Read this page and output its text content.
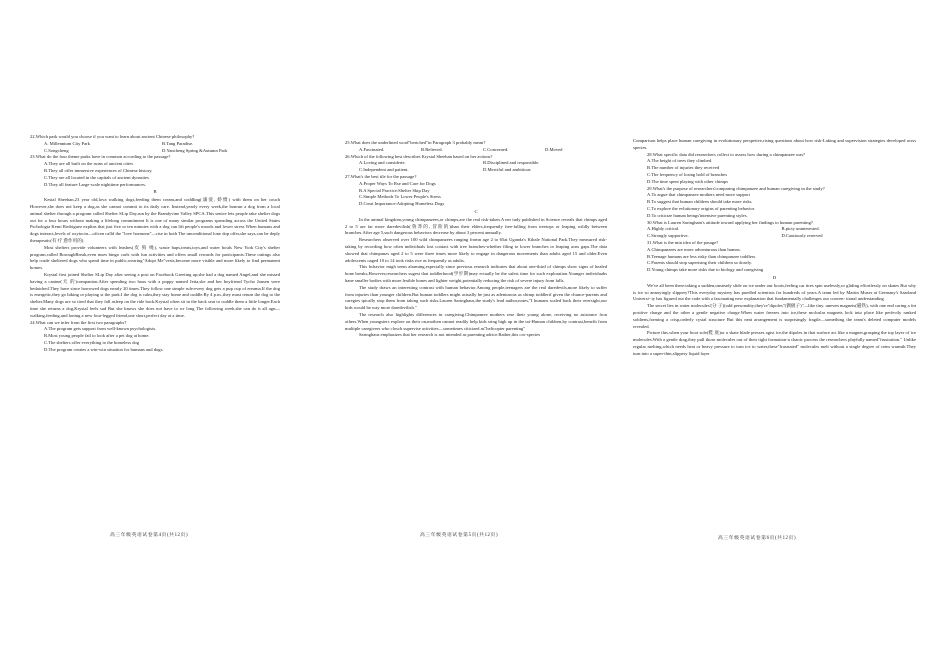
22.Which park would you choose if you want to learn about ancient Chinese philosophy?

A. Millennium City Park	B.Tang Paradise.
C.Songcheng	D.Yancheng Spring &Autumn Park

23.What do the four theme parks have in common according to the passage?

A.They are all built on the ruins of ancient cities

B.They all offer immersive experiences of Chinese history.

C.They are all located in the capitals of ancient dynasties

D.They all feature Large-scale nighttime performances.

B

Kestal Sheehan,23 year old,lova walking dogs,feeding them cream,and coddling(溺爱, 娇惯) with them on her couch However,she does not keep a dog,as she cannot commit to its daily care. Instead,yearly every week,the bonrun a dog from a local animal shelter through a program called Shelter SLip Day,run by the Brandyvine Valley SPCA.This senice lets people take shelter dogs out for a four hours without making a lifelong commitment It is one of many similar programs spreading across the United States Pschologia Kemi Rodriguez explins that just five or ten minutes with a dog can lift people's moods and lower stress When humans and dogs interact,levels of oxytocin—oficen calld the "love hormone"—rise in both The unconditional lone dop offer,she says,can be deply therapeutic(有 疗 愈作用的).

Most shelters provide volunteers with leashes(皮 狗 绳), waste baps,treats,toys,and water bouls New York City's shelter program,called BoroughBreak,even mses bingo carls with fun activities and offers small rewards for participants.These outings also help crude sheltered dogs who spend time in public,wearing"Adopt Me"vests,become more visible and more likely to find permanent homes.

Krystal first joined Shelter SLip Day after seeing a post on Facebook Greeting up,she had a dog named Angel,and she missed having a canine(犬 的)companion.After spending two hous with a poppy named Jetta,she and her boyfriend Tycho Jansen were bedatched.They have since horrowed dogs nearly 20 times.They follow one simple rule:every dog gets a pup cup of ereama.If the dog is energetic,they go hiking or playing st the park.I the dog is calm,they stay home and cuddle.By 4 p.m.,they must return the dog to the shelter.Many dogs are so tired that they fall asleep on the ride back.Krystal often sit in the back seat to cuddle them a little longer.Each time she returns a dog,Krystal feels sad But she knows she does not have to wr long The following week,she can do it all agn—walking,feeding,and loning a new four-legged friend,one short,perfect day at a time.

24.What can we infer from the first two paragraphs?

A.The program gets support from well-known psychologists.

B.Most young people fail to look after a pet dog at home.

C.The shelters offer everything to the homeless dog

D.The program creates a win-win situation for humans and dogs.

高三年级英语试卷第4页(共12页)

25.What does the underlined word"bertched"in Paragraph 3 probably mean?

A.Fascinated.	B.Relieved.	C.Concerned.	D.Moved

26.Which of the following best describes Krystal Sheehan based on her actions?

A.Loving and considerte.	B.Disciplined and responsible.
C.Independent and patient.	D.Merciful and ambitious

27.What's the best tile for the passage?

A.Proper Ways To Rse and Care for Dogs

B.A Special Practice:Shelter Skip Day

C.Simple Methods To Lower People's Stress

D.Creat Importance:Adopting Homeless Dogs

C

In the animal kingdom,young chimpanzees,or chimps,are the real risk-taken.A ner tudy published in Science reveals that chimps aged 2 to 5 are far more daredevilish(鲁莽的, 冒险的)than their elders,frequently free-falling from treetops or leaping wildly between branches.After age 5,such dangerous behaviors decrease by about 3 percent annually.

Researchers observed over 100 wild chimpanzees ranging fromn age 2 to 65at Uganda's Kibale National Park.They measured risk-taking by recording how often individuals lost contact with tree branches-whether filing to lower branches or leaping acns gaps.The data showed that chimpanzs aged 2 to 5 were three times more likely to engage in dangerous movements than adults aged 15 and older.Even adolescents oaged 10 to 14 took risks rice as frequently as adults.

This bchavior migh seem alarming,especially since previous research indicates that about one-third of chimps show signs of healed bone breaks,However,researchers sugest that toddlerhood(学步期)may ectually be the safest time for such exploration.Younger individuabs hane smaller bodies with more lexible bones and lighter weight,potentially reducing the risk of severe injury from falls.

The study draws an interesting contrast with human behavior.Among people,teenagers are the real daredevils,more likely to suffer from injuries than younger children.But human toddlers might actually be just as adenturous as chimp toddlerif given the chunce-parents and caregies tpically stop them from taking such risks.Lauren Saringhaus,the study's lead author,notes,"I humans scaled back their oversight,our kids would be way more daredevilish."

The research also highlights differences in caregiving.Chimpanree mothers rese their young alone, receiving no asisiance fron others.When youngsters explore on their on,mothen cannot readily help kids sring high up in the tai-Human children,by contrast,benefit from multiple caregivers who closch supervise activities—sometimes citicized as"helicopter parenting"

Saringhaus emphasizes that her research is not intended as parenting adrice.Rather,this cro-species

高三年级英语试卷第5页(共12页)

Comparison helps place human caregiving in evolutionary perspetive,rising questions about how risk-Laking and supervision strategies developed acrss species.

28.What specific data did researchers collect to assess how during a chimpanzee was?

A.The beight of trees they climbed.

B.The number of injuries they received

C.The frequency of losing hold of branches

D.The time spent playing with other chimps

29.What's the purpose of researchers'comparing chimpanzee and human caregiving in the study?

A.To argue that chimpanzee mothers need more support

B.To suggest that human children should take more risks.

C.To explore the evlutionary origins of parenting behavior

D.To criticize human beings'intensive parenting styles.

30.What is Lauren Saringham's attitude toward applying her findings to human parenting?

A.Highly critical.	B.picty uninterested.
C.Strongly supportive.	D.Cautiously reserved

31.What is the min idea of the pasage?

A.Chimpanzees are more adventurous than humns.

B.Teenage humans are less risky than chimpanzee toddlers.

C.Parents should stop supertsing their children so dosely.

D.Young chimps take more risks due to biology and caregiving

D

We've all been there:taking a sudden,unsteady slide on ice under our boots,feeling car tires spin uselessly,or gliding effortlessly on skates But why is ice so annoyingly slippery?This everyday mystery has puedled scientists for hundreds of years.A team led by Martin Muser at Germany's Saarland Universi- ty has figured out the code with a fascinating new explanation that fundamentally challenges our conven- tional understanding

The secret lies in water molecules'(分 子)(odd personality;they're"dipoles"(偶极子)"—like tiny. uneven magnets(磁铁), with one end caring a fnt positive charge and the other a gentle negative charge.When water freezes into ice,these molcular magnets lock into place like perfectly ranked soldiens,forming a crisp,orderly cystal structure But this neat arrangement is surprisingly fragile—something the team's deleted computer models revealed.

Picture this,when your boot sole(鞋 底)or a skate blade presses agist ice,the dipoles in that surface act like a magnet,grasping the top layer of ice molecules.With a gentle drag,they pull those molecules out of their tight formation-a chaoic process the researchers playfully named"frustration." Unlike regular melting,which needs heat or heavy pressure to turn ice to water,these"frustrated" molecules melt without a single degree of cetm warmth.They turn into a super-thin,slippery liquid layer

高三年级英语试卷第6页(共12页)
